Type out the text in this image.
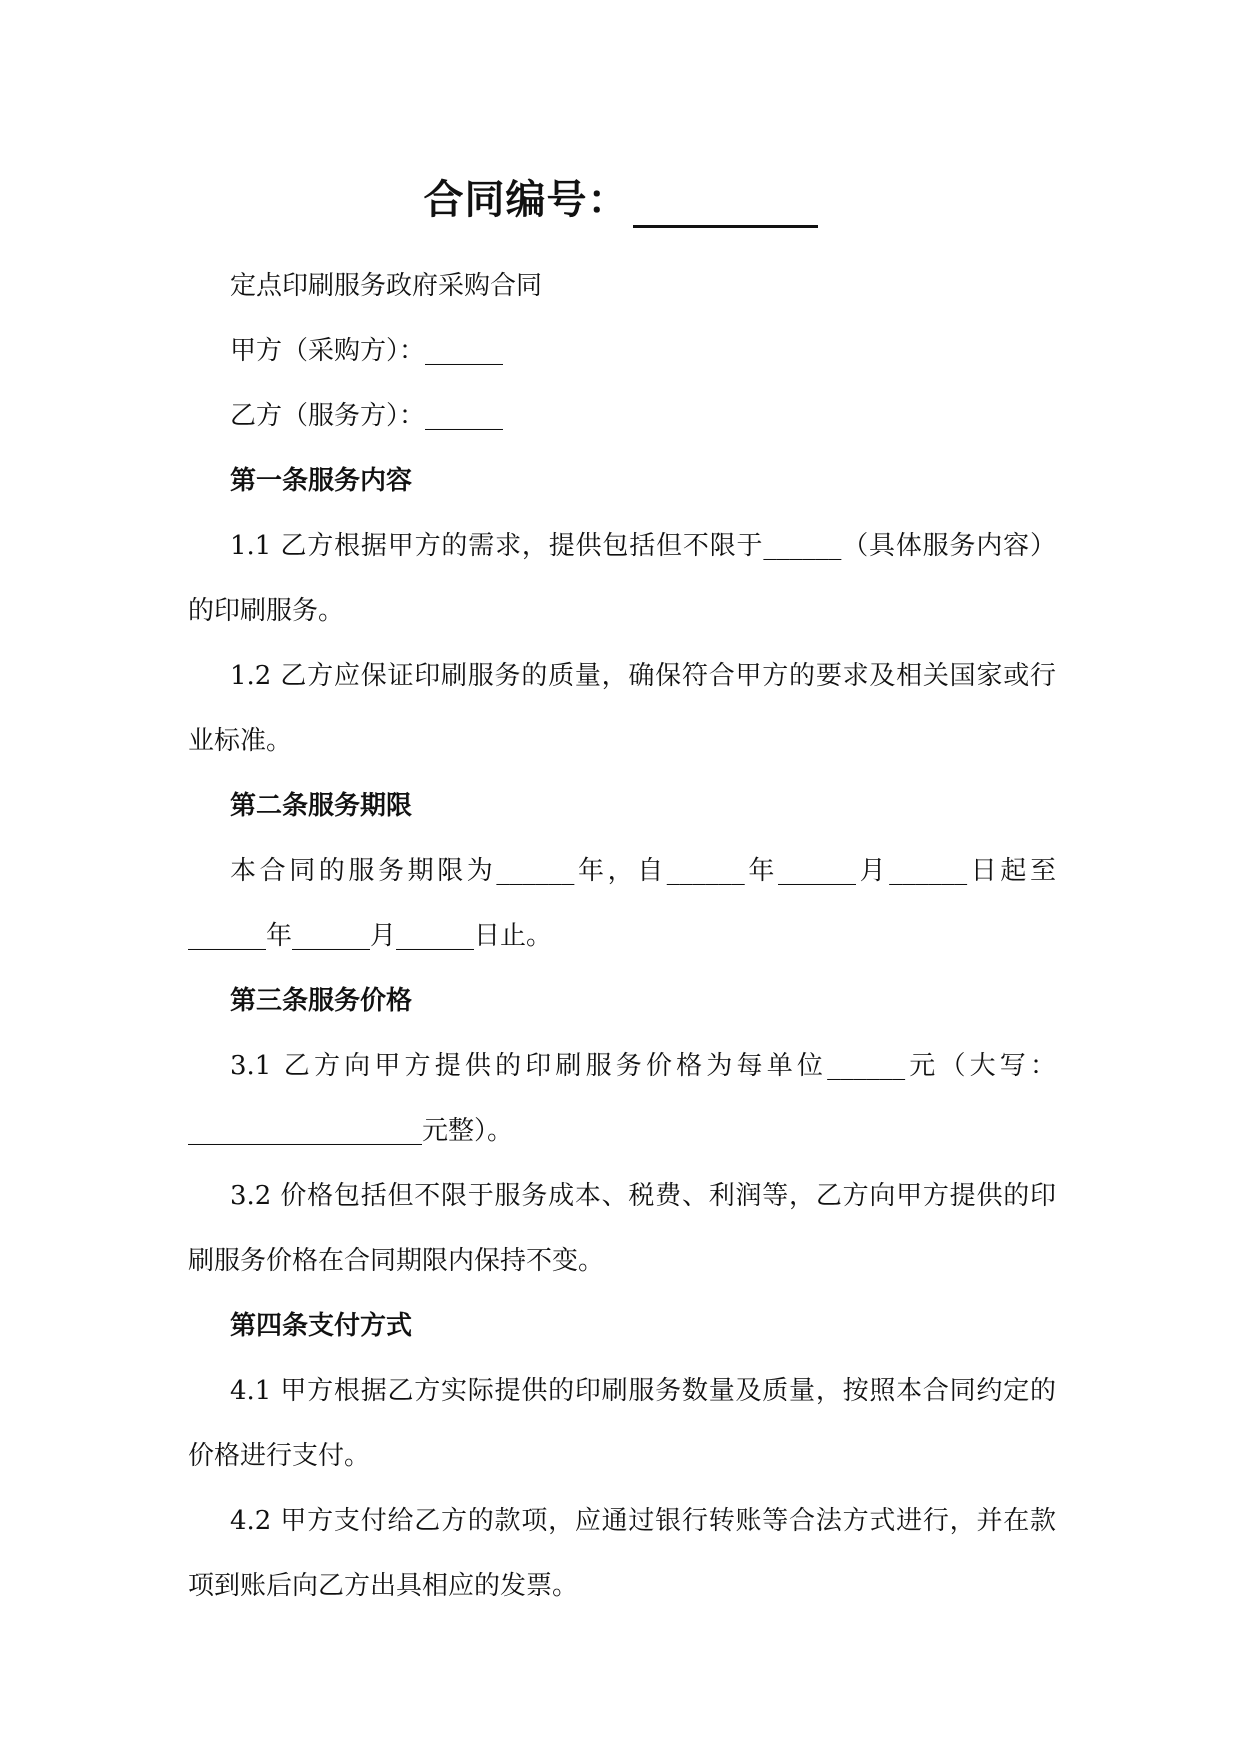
合同编号：

定点印刷服务政府采购合同

甲方（采购方）：______

乙方（服务方）：______

第一条服务内容

1.1 乙方根据甲方的需求，提供包括但不限于______（具体服务内容）的印刷服务。

1.2 乙方应保证印刷服务的质量，确保符合甲方的要求及相关国家或行业标准。

第二条服务期限

本合同的服务期限为______年，自______年______月______日起至______年______月______日止。

第三条服务价格

3.1 乙方向甲方提供的印刷服务价格为每单位______元（大写：__________________元整）。

3.2 价格包括但不限于服务成本、税费、利润等，乙方向甲方提供的印刷服务价格在合同期限内保持不变。

第四条支付方式

4.1 甲方根据乙方实际提供的印刷服务数量及质量，按照本合同约定的价格进行支付。

4.2 甲方支付给乙方的款项，应通过银行转账等合法方式进行，并在款项到账后向乙方出具相应的发票。
